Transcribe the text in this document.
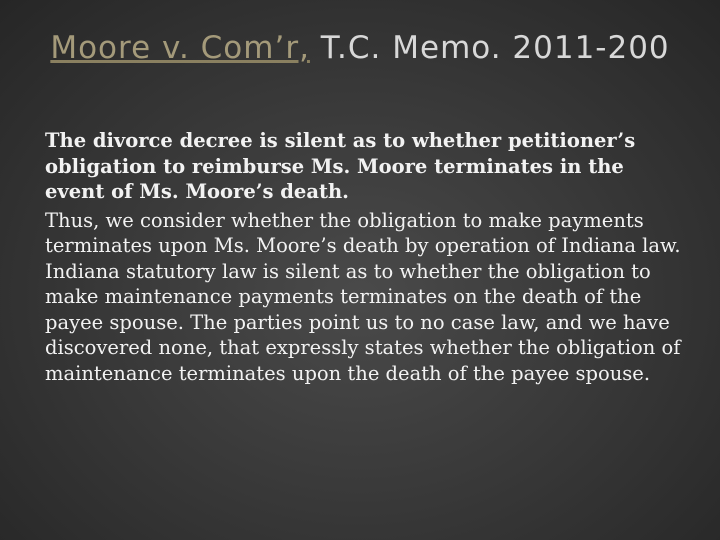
Moore v. Com’r, T.C. Memo. 2011-200

The divorce decree is silent as to whether petitioner’s obligation to reimburse Ms. Moore terminates in the event of Ms. Moore’s death.

Thus, we consider whether the obligation to make payments terminates upon Ms. Moore’s death by operation of Indiana law. Indiana statutory law is silent as to whether the obligation to make maintenance payments terminates on the death of the payee spouse. The parties point us to no case law, and we have discovered none, that expressly states whether the obligation of maintenance terminates upon the death of the payee spouse.
